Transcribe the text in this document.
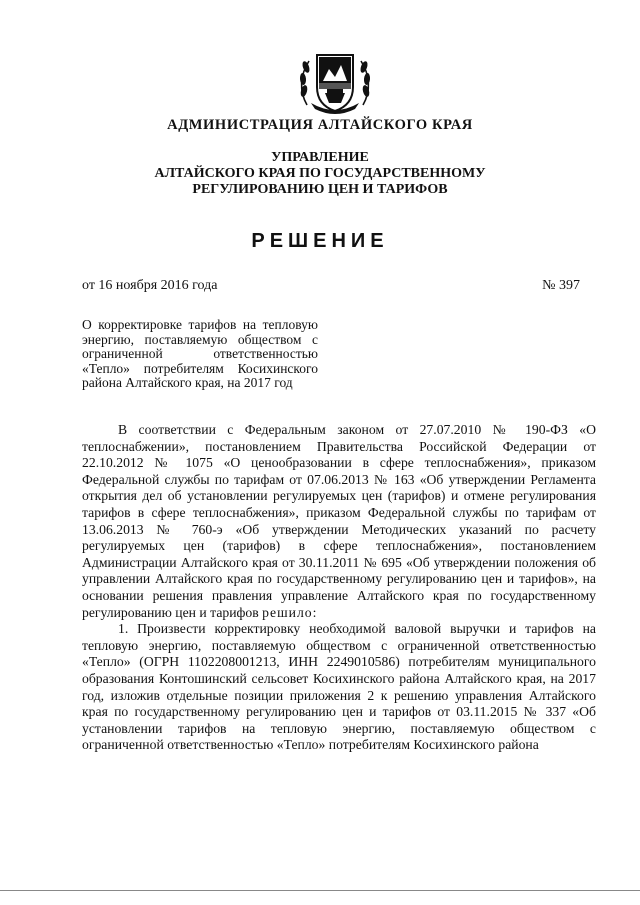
АДМИНИСТРАЦИЯ АЛТАЙСКОГО КРАЯ
УПРАВЛЕНИЕ
АЛТАЙСКОГО КРАЯ ПО ГОСУДАРСТВЕННОМУ
РЕГУЛИРОВАНИЮ ЦЕН И ТАРИФОВ
РЕШЕНИЕ
от 16 ноября 2016 года	№ 397
О корректировке тарифов на тепловую энергию, поставляемую обществом с ограниченной ответственностью «Тепло» потребителям Косихинского района Алтайского края, на 2017 год

В соответствии с Федеральным законом от 27.07.2010 № 190-ФЗ «О теплоснабжении», постановлением Правительства Российской Федерации от 22.10.2012 № 1075 «О ценообразовании в сфере теплоснабжения», приказом Федеральной службы по тарифам от 07.06.2013 № 163 «Об утверждении Регламента открытия дел об установлении регулируемых цен (тарифов) и отмене регулирования тарифов в сфере теплоснабжения», приказом Федеральной службы по тарифам от 13.06.2013 № 760-э «Об утверждении Методических указаний по расчету регулируемых цен (тарифов) в сфере теплоснабжения», постановлением Администрации Алтайского края от 30.11.2011 № 695 «Об утверждении положения об управлении Алтайского края по государственному регулированию цен и тарифов», на основании решения правления управление Алтайского края по государственному регулированию цен и тарифов решило:

1. Произвести корректировку необходимой валовой выручки и тарифов на тепловую энергию, поставляемую обществом с ограниченной ответственностью «Тепло» (ОГРН 1102208001213, ИНН 2249010586) потребителям муниципального образования Контошинский сельсовет Косихинского района Алтайского края, на 2017 год, изложив отдельные позиции приложения 2 к решению управления Алтайского края по государственному регулированию цен и тарифов от 03.11.2015 № 337 «Об установлении тарифов на тепловую энергию, поставляемую обществом с ограниченной ответственностью «Тепло» потребителям Косихинского района
